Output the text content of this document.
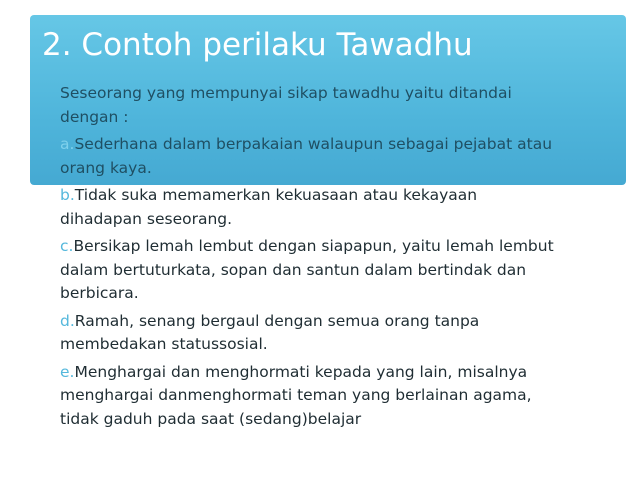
2. Contoh perilaku Tawadhu

Seseorang yang mempunyai sikap tawadhu yaitu ditandai
dengan :

a.Sederhana dalam berpakaian walaupun sebagai pejabat atau
orang kaya.

b.Tidak suka memamerkan kekuasaan atau kekayaan
dihadapan seseorang.

c.Bersikap lemah lembut dengan siapapun, yaitu lemah lembut
dalam bertuturkata, sopan dan santun dalam bertindak dan
berbicara.

d.Ramah, senang bergaul dengan semua orang tanpa
membedakan statussosial.

e.Menghargai dan menghormati kepada yang lain, misalnya
menghargai danmenghormati teman yang berlainan agama,
tidak gaduh pada saat (sedang)belajar
